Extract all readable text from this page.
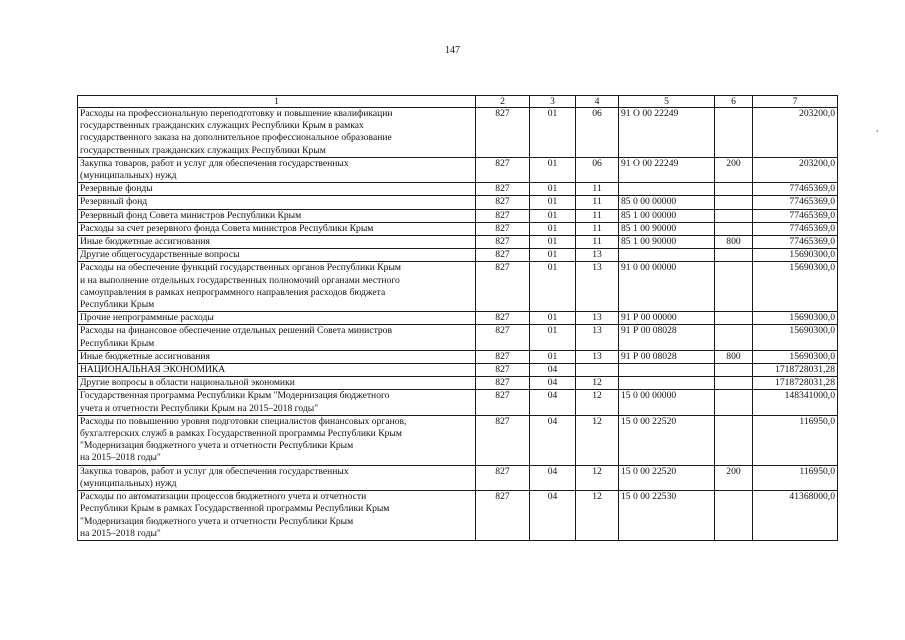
147
,
1	2	3	4	5	6	7

Расходы на профессиональную переподготовку и повышение квалификации
государственных гражданских служащих Республики Крым в рамках
государственного заказа на дополнительное профессиональное образование
государственных гражданских служащих Республики Крым	827	01	06	91 О 00 22249		203200,0

Закупка товаров, работ и услуг для обеспечения государственных
(муниципальных) нужд	827	01	06	91 О 00 22249	200	203200,0

Резервные фонды	827	01	11			77465369,0

Резервный фонд	827	01	11	85 0 00 00000		77465369,0

Резервный фонд Совета министров Республики Крым	827	01	11	85 1 00 00000		77465369,0

Расходы за счет резервного фонда Совета министров Республики Крым	827	01	11	85 1 00 90000		77465369,0

Иные бюджетные ассигнования	827	01	11	85 1 00 90000	800	77465369,0

Другие общегосударственные вопросы	827	01	13			15690300,0

Расходы на обеспечение функций государственных органов Республики Крым
и на выполнение отдельных государственных полномочий органами местного
самоуправления в рамках непрограммного направления расходов бюджета
Республики Крым	827	01	13	91 0 00 00000		15690300,0

Прочие непрограммные расходы	827	01	13	91 Р 00 00000		15690300,0

Расходы на финансовое обеспечение отдельных решений Совета министров
Республики Крым	827	01	13	91 Р 00 08028		15690300,0

Иные бюджетные ассигнования	827	01	13	91 Р 00 08028	800	15690300,0

НАЦИОНАЛЬНАЯ ЭКОНОМИКА	827	04				1718728031,28

Другие вопросы в области национальной экономики	827	04	12			1718728031,28

Государственная программа Республики Крым "Модернизация бюджетного
учета и отчетности Республики Крым на 2015–2018 годы"	827	04	12	15 0 00 00000		148341000,0

Расходы по повышению уровня подготовки специалистов финансовых органов,
бухгалтерских служб в рамках Государственной программы Республики Крым
"Модернизация бюджетного учета и отчетности Республики Крым
на 2015–2018 годы"	827	04	12	15 0 00 22520		116950,0

Закупка товаров, работ и услуг для обеспечения государственных
(муниципальных) нужд	827	04	12	15 0 00 22520	200	116950,0

Расходы по автоматизации процессов бюджетного учета и отчетности
Республики Крым в рамках Государственной программы Республики Крым
"Модернизация бюджетного учета и отчетности Республики Крым
на 2015–2018 годы"	827	04	12	15 0 00 22530		41368000,0
